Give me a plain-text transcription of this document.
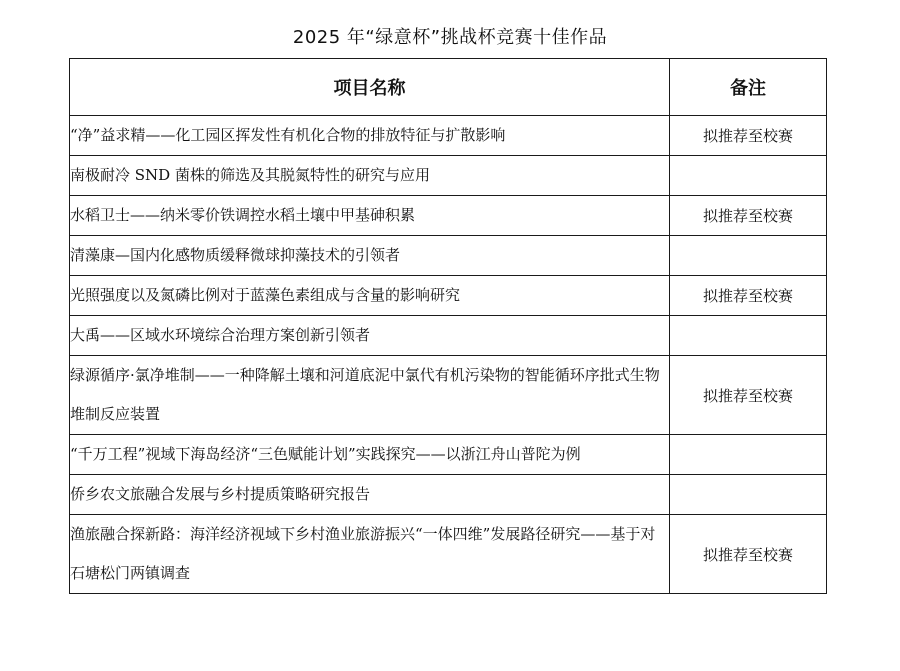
2025 年“绿意杯”挑战杯竞赛十佳作品
项目名称	备注
“净”益求精——化工园区挥发性有机化合物的排放特征与扩散影响	拟推荐至校赛
南极耐冷 SND 菌株的筛选及其脱氮特性的研究与应用	
水稻卫士——纳米零价铁调控水稻土壤中甲基砷积累	拟推荐至校赛
清藻康—国内化感物质缓释微球抑藻技术的引领者	
光照强度以及氮磷比例对于蓝藻色素组成与含量的影响研究	拟推荐至校赛
大禹——区域水环境综合治理方案创新引领者	
绿源循序·氯净堆制——一种降解土壤和河道底泥中氯代有机污染物的智能循环序批式生物堆制反应装置	拟推荐至校赛
“千万工程”视域下海岛经济“三色赋能计划”实践探究——以浙江舟山普陀为例	
侨乡农文旅融合发展与乡村提质策略研究报告	
渔旅融合探新路：海洋经济视域下乡村渔业旅游振兴“一体四维”发展路径研究——基于对石塘松门两镇调查	拟推荐至校赛
